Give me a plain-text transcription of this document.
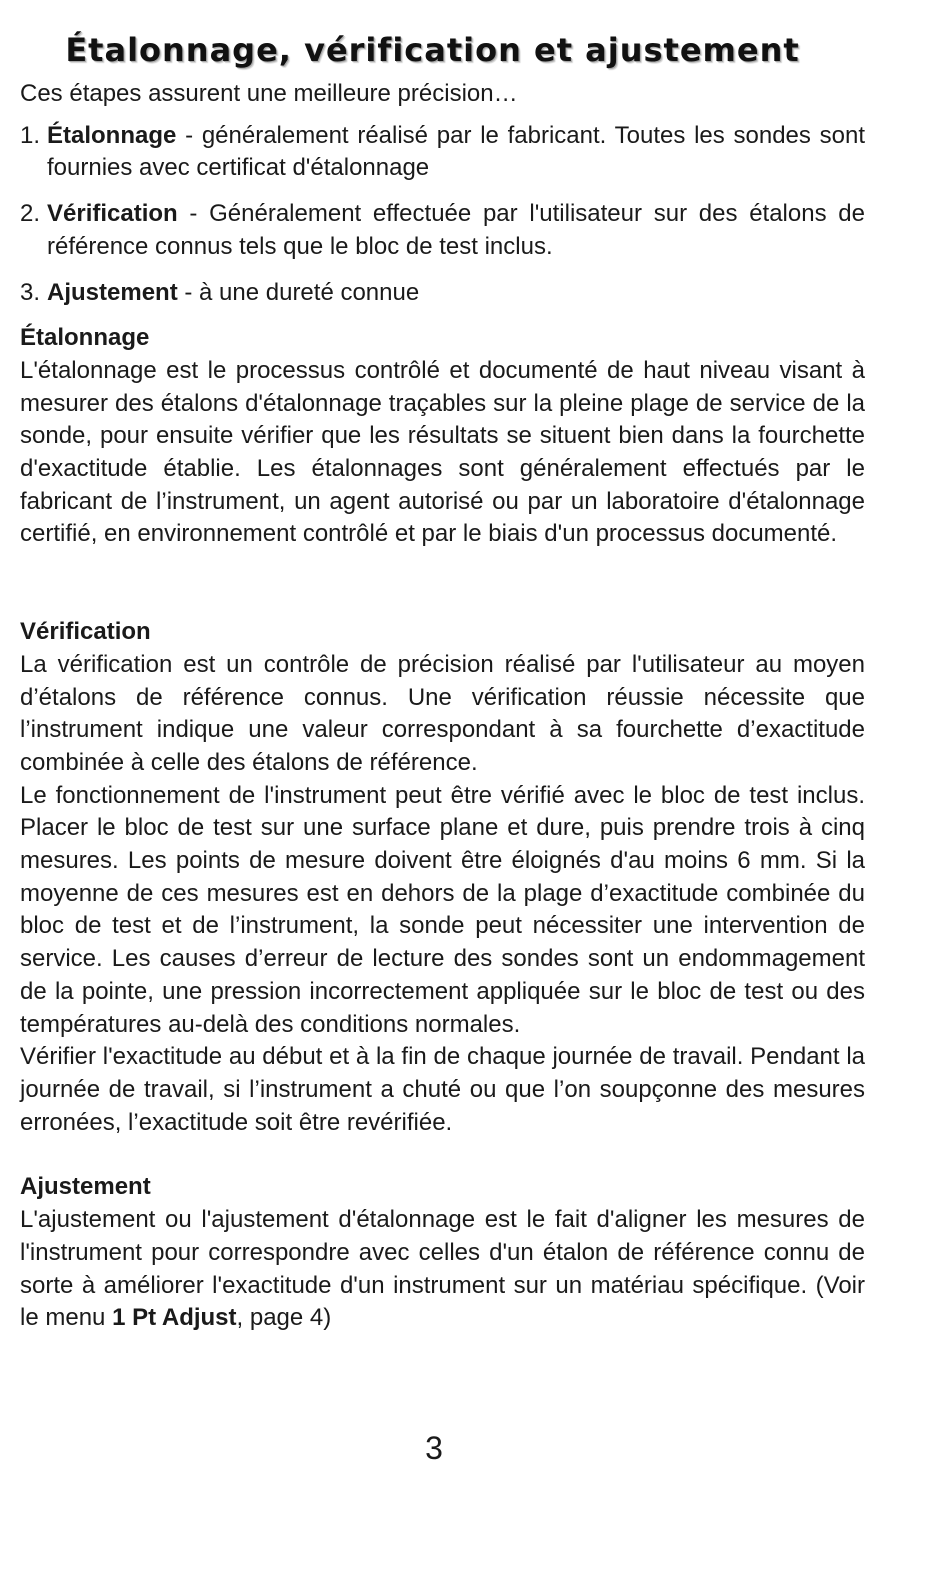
Étalonnage, vérification et ajustement

Ces étapes assurent une meilleure précision…

1. Étalonnage - généralement réalisé par le fabricant. Toutes les sondes sont fournies avec certificat d'étalonnage
2. Vérification - Généralement effectuée par l'utilisateur sur des étalons de référence connus tels que le bloc de test inclus.
3. Ajustement - à une dureté connue
Étalonnage

L'étalonnage est le processus contrôlé et documenté de haut niveau visant à mesurer des étalons d'étalonnage traçables sur la pleine plage de service de la sonde, pour ensuite vérifier que les résultats se situent bien dans la fourchette d'exactitude établie. Les étalonnages sont généralement effectués par le fabricant de l’instrument, un agent autorisé ou par un laboratoire d'étalonnage certifié, en environnement contrôlé et par le biais d'un processus documenté.

Vérification

La vérification est un contrôle de précision réalisé par l'utilisateur au moyen d’étalons de référence connus. Une vérification réussie nécessite que l’instrument indique une valeur correspondant à sa fourchette d’exactitude combinée à celle des étalons de référence.

Le fonctionnement de l'instrument peut être vérifié avec le bloc de test inclus. Placer le bloc de test sur une surface plane et dure, puis prendre trois à cinq mesures. Les points de mesure doivent être éloignés d'au moins 6 mm. Si la moyenne de ces mesures est en dehors de la plage d’exactitude combinée du bloc de test et de l’instrument, la sonde peut nécessiter une intervention de service. Les causes d’erreur de lecture des sondes sont un endommagement de la pointe, une pression incorrectement appliquée sur le bloc de test ou des températures au-delà des conditions normales.

Vérifier l'exactitude au début et à la fin de chaque journée de travail. Pendant la journée de travail, si l’instrument a chuté ou que l’on soupçonne des mesures erronées, l’exactitude soit être revérifiée.

Ajustement

L'ajustement ou l'ajustement d'étalonnage est le fait d'aligner les mesures de l'instrument pour correspondre avec celles d'un étalon de référence connu de sorte à améliorer l'exactitude d'un instrument sur un matériau spécifique. (Voir le menu 1 Pt Adjust, page 4)

3
